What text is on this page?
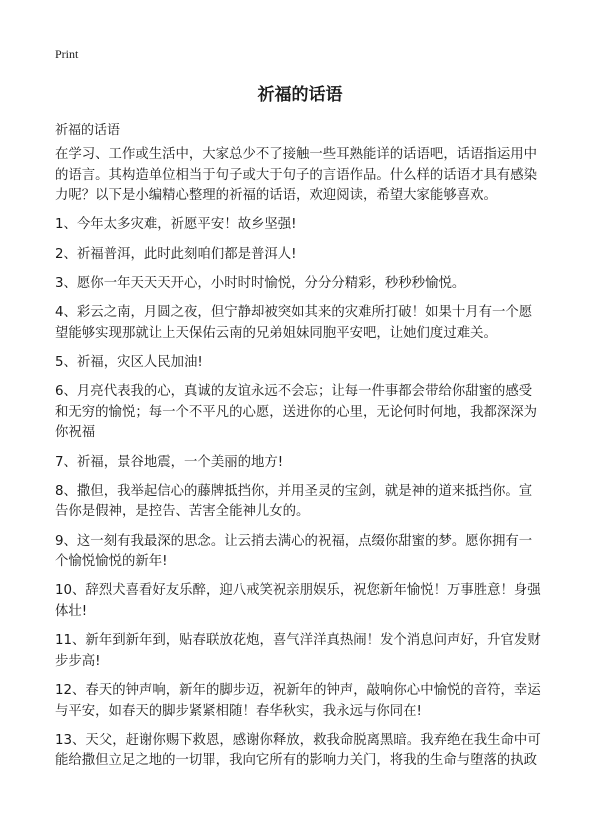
Print
祈福的话语
祈福的话语
在学习、工作或生活中，大家总少不了接触一些耳熟能详的话语吧，话语指运用中
的语言。其构造单位相当于句子或大于句子的言语作品。什么样的话语才具有感染
力呢？以下是小编精心整理的祈福的话语，欢迎阅读，希望大家能够喜欢。
1、今年太多灾难，祈愿平安！故乡坚强!
2、祈福普洱，此时此刻咱们都是普洱人!
3、愿你一年天天天开心，小时时时愉悦，分分分精彩，秒秒秒愉悦。
4、彩云之南，月圆之夜，但宁静却被突如其来的灾难所打破！如果十月有一个愿
望能够实现那就让上天保佑云南的兄弟姐妹同胞平安吧，让她们度过难关。
5、祈福，灾区人民加油!
6、月亮代表我的心，真诚的友谊永远不会忘；让每一件事都会带给你甜蜜的感受
和无穷的愉悦；每一个不平凡的心愿，送进你的心里，无论何时何地，我都深深为
你祝福
7、祈福，景谷地震，一个美丽的地方!
8、撒但，我举起信心的藤牌抵挡你，并用圣灵的宝剑，就是神的道来抵挡你。宣
告你是假神，是控告、苦害全能神儿女的。
9、这一刻有我最深的思念。让云捎去满心的祝福，点缀你甜蜜的梦。愿你拥有一
个愉悦愉悦的新年!
10、辞烈犬喜看好友乐醉，迎八戒笑祝亲朋娱乐，祝您新年愉悦！万事胜意！身强
体壮!
11、新年到新年到，贴春联放花炮，喜气洋洋真热闹！发个消息问声好，升官发财
步步高!
12、春天的钟声响，新年的脚步迈，祝新年的钟声，敲响你心中愉悦的音符，幸运
与平安，如春天的脚步紧紧相随！春华秋实，我永远与你同在!
13、天父，赶谢你赐下救恩，感谢你释放，救我命脱离黑暗。我弃绝在我生命中可
能给撒但立足之地的一切罪，我向它所有的影响力关门，将我的生命与堕落的执政
